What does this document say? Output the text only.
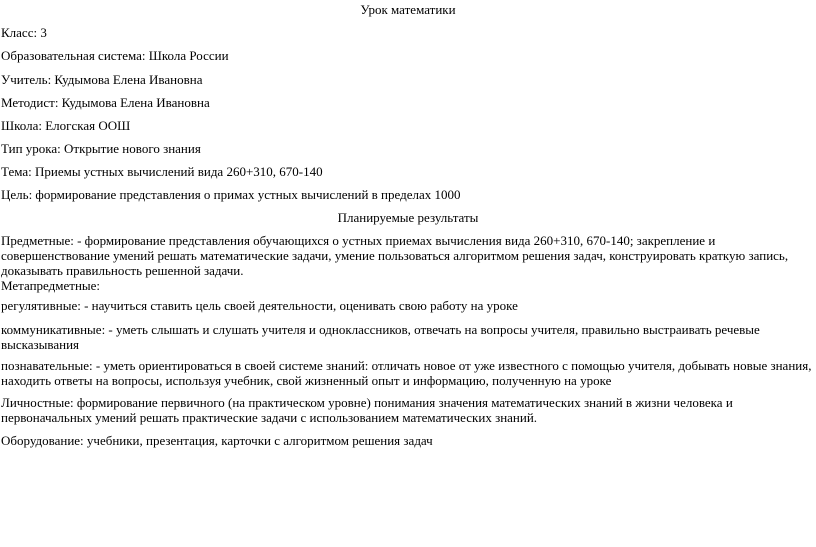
Урок математики
Класс: 3
Образовательная система: Школа России
Учитель: Кудымова Елена Ивановна
Методист: Кудымова Елена Ивановна
Школа: Елогская ООШ
Тип урока: Открытие нового знания
Тема: Приемы устных вычислений вида 260+310, 670-140
Цель: формирование представления о примах устных вычислений в пределах 1000
Планируемые результаты
Предметные: - формирование представления обучающихся о устных приемах вычисления вида 260+310, 670-140; закрепление и совершенствование умений решать математические задачи, умение пользоваться алгоритмом решения задач, конструировать краткую запись, доказывать правильность решенной задачи.
Метапредметные:
регулятивные: - научиться ставить цель своей деятельности, оценивать свою работу на уроке
коммуникативные: - уметь слышать и слушать учителя и одноклассников, отвечать на вопросы учителя, правильно выстраивать речевые высказывания
познавательные: - уметь ориентироваться в своей системе знаний: отличать новое от уже известного с помощью учителя, добывать новые знания, находить ответы на вопросы, используя учебник, свой жизненный опыт и информацию, полученную на уроке
Личностные: формирование первичного (на практическом уровне) понимания значения математических знаний в жизни человека и первоначальных умений решать практические задачи с использованием математических знаний.
Оборудование: учебники, презентация, карточки с алгоритмом решения задач
